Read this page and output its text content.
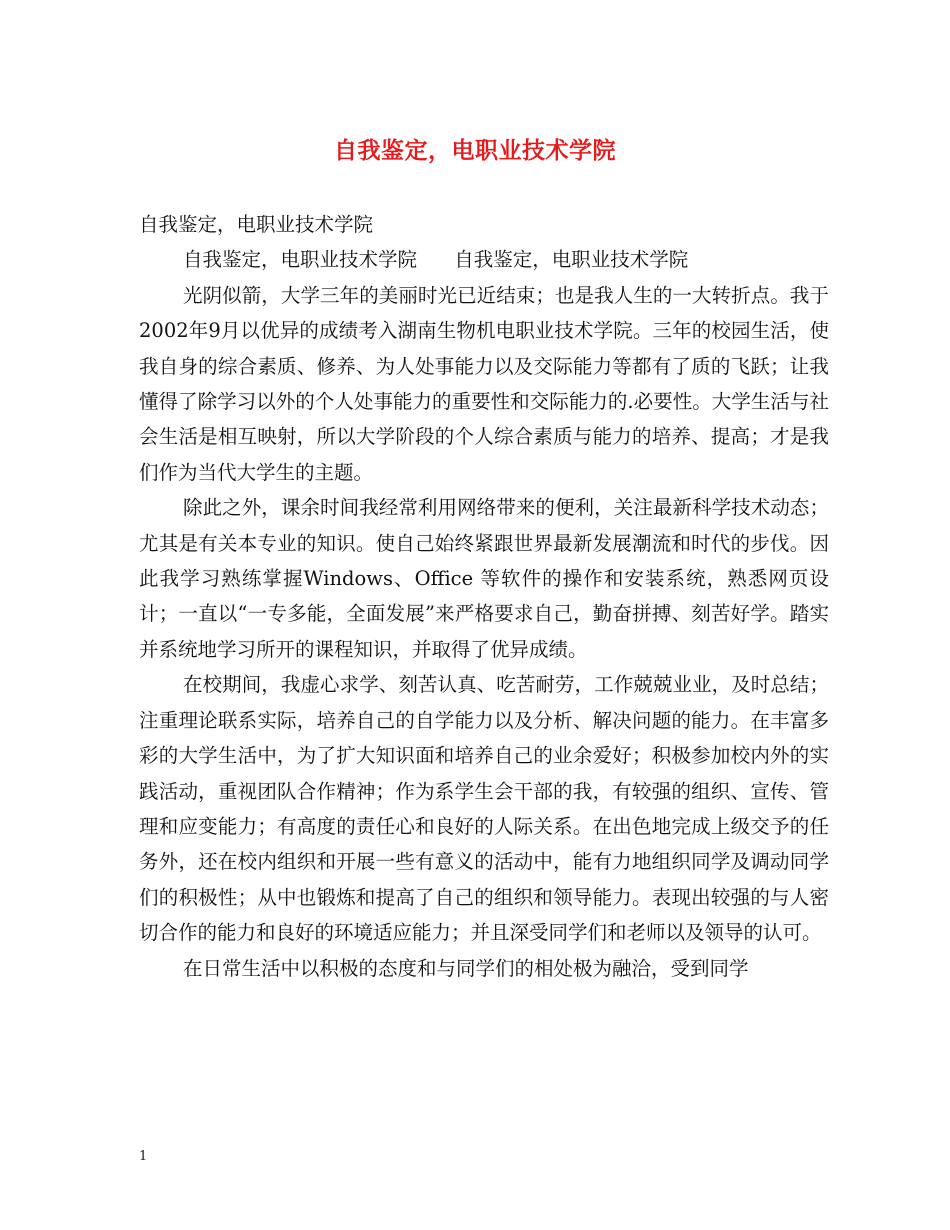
自我鉴定，电职业技术学院

自我鉴定，电职业技术学院

自我鉴定，电职业技术学院      自我鉴定，电职业技术学院

光阴似箭，大学三年的美丽时光已近结束；也是我人生的一大转折点。我于2002年9月以优异的成绩考入湖南生物机电职业技术学院。三年的校园生活，使我自身的综合素质、修养、为人处事能力以及交际能力等都有了质的飞跃；让我懂得了除学习以外的个人处事能力的重要性和交际能力的.必要性。大学生活与社会生活是相互映射，所以大学阶段的个人综合素质与能力的培养、提高；才是我们作为当代大学生的主题。

除此之外，课余时间我经常利用网络带来的便利，关注最新科学技术动态；尤其是有关本专业的知识。使自己始终紧跟世界最新发展潮流和时代的步伐。因此我学习熟练掌握Windows、Office 等软件的操作和安装系统，熟悉网页设计；一直以“一专多能，全面发展”来严格要求自己，勤奋拼搏、刻苦好学。踏实并系统地学习所开的课程知识，并取得了优异成绩。

在校期间，我虚心求学、刻苦认真、吃苦耐劳，工作兢兢业业，及时总结；注重理论联系实际，培养自己的自学能力以及分析、解决问题的能力。在丰富多彩的大学生活中，为了扩大知识面和培养自己的业余爱好；积极参加校内外的实践活动，重视团队合作精神；作为系学生会干部的我，有较强的组织、宣传、管理和应变能力；有高度的责任心和良好的人际关系。在出色地完成上级交予的任务外，还在校内组织和开展一些有意义的活动中，能有力地组织同学及调动同学们的积极性；从中也锻炼和提高了自己的组织和领导能力。表现出较强的与人密切合作的能力和良好的环境适应能力；并且深受同学们和老师以及领导的认可。

在日常生活中以积极的态度和与同学们的相处极为融洽，受到同学

1
